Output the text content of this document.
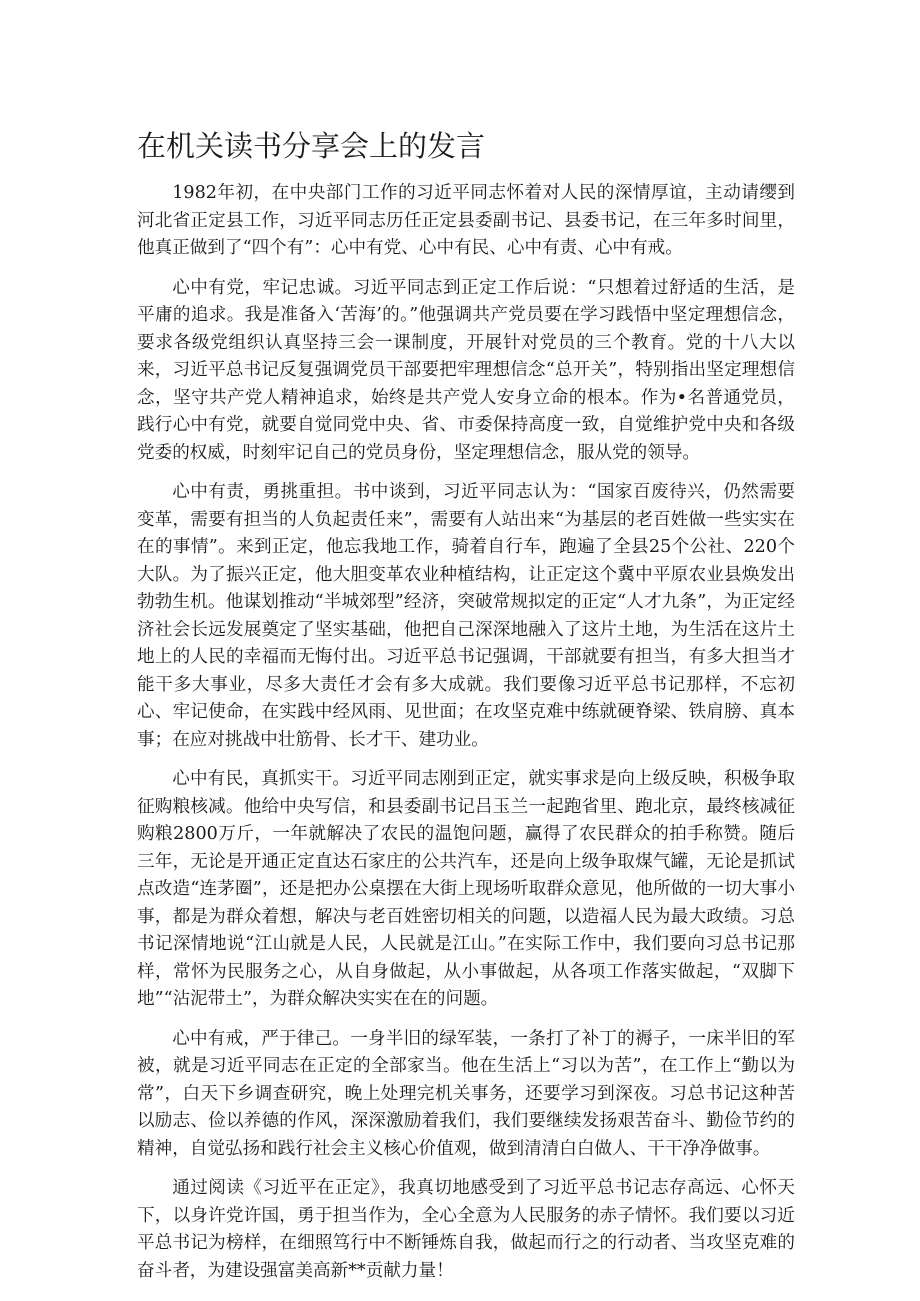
在机关读书分享会上的发言

1982年初，在中央部门工作的习近平同志怀着对人民的深情厚谊，主动请缨到河北省正定县工作，习近平同志历任正定县委副书记、县委书记，在三年多时间里，他真正做到了“四个有”：心中有党、心中有民、心中有责、心中有戒。

心中有党，牢记忠诚。习近平同志到正定工作后说：“只想着过舒适的生活，是平庸的追求。我是准备入‘苦海’的。”他强调共产党员要在学习践悟中坚定理想信念，要求各级党组织认真坚持三会一课制度，开展针对党员的三个教育。党的十八大以来，习近平总书记反复强调党员干部要把牢理想信念“总开关”，特别指出坚定理想信念，坚守共产党人精神追求，始终是共产党人安身立命的根本。作为•名普通党员，践行心中有党，就要自觉同党中央、省、市委保持高度一致，自觉维护党中央和各级党委的权威，时刻牢记自己的党员身份，坚定理想信念，服从党的领导。

心中有责，勇挑重担。书中谈到，习近平同志认为：“国家百废待兴，仍然需要变革，需要有担当的人负起责任来”，需要有人站出来“为基层的老百姓做一些实实在在的事情”。来到正定，他忘我地工作，骑着自行车，跑遍了全县25个公社、220个大队。为了振兴正定，他大胆变革农业种植结构，让正定这个冀中平原农业县焕发出勃勃生机。他谋划推动“半城郊型”经济，突破常规拟定的正定“人才九条”，为正定经济社会长远发展奠定了坚实基础，他把自己深深地融入了这片土地，为生活在这片土地上的人民的幸福而无悔付出。习近平总书记强调，干部就要有担当，有多大担当才能干多大事业，尽多大责任才会有多大成就。我们要像习近平总书记那样，不忘初心、牢记使命，在实践中经风雨、见世面；在攻坚克难中练就硬脊梁、铁肩膀、真本事；在应对挑战中壮筋骨、长才干、建功业。

心中有民，真抓实干。习近平同志刚到正定，就实事求是向上级反映，积极争取征购粮核减。他给中央写信，和县委副书记吕玉兰一起跑省里、跑北京，最终核减征购粮2800万斤，一年就解决了农民的温饱问题，赢得了农民群众的拍手称赞。随后三年，无论是开通正定直达石家庄的公共汽车，还是向上级争取煤气罐，无论是抓试点改造“连茅圈”，还是把办公桌摆在大街上现场听取群众意见，他所做的一切大事小事，都是为群众着想，解决与老百姓密切相关的问题，以造福人民为最大政绩。习总书记深情地说“江山就是人民，人民就是江山。”在实际工作中，我们要向习总书记那样，常怀为民服务之心，从自身做起，从小事做起，从各项工作落实做起，“双脚下地”“沾泥带土”，为群众解决实实在在的问题。

心中有戒，严于律己。一身半旧的绿军装，一条打了补丁的褥子，一床半旧的军被，就是习近平同志在正定的全部家当。他在生活上“习以为苦”，在工作上“勤以为常”，白天下乡调查研究，晚上处理完机关事务，还要学习到深夜。习总书记这种苦以励志、俭以养德的作风，深深激励着我们，我们要继续发扬艰苦奋斗、勤俭节约的精神，自觉弘扬和践行社会主义核心价值观，做到清清白白做人、干干净净做事。

通过阅读《习近平在正定》，我真切地感受到了习近平总书记志存高远、心怀天下，以身许党许国，勇于担当作为，全心全意为人民服务的赤子情怀。我们要以习近平总书记为榜样，在细照笃行中不断锤炼自我，做起而行之的行动者、当攻坚克难的奋斗者，为建设强富美高新**贡献力量！
